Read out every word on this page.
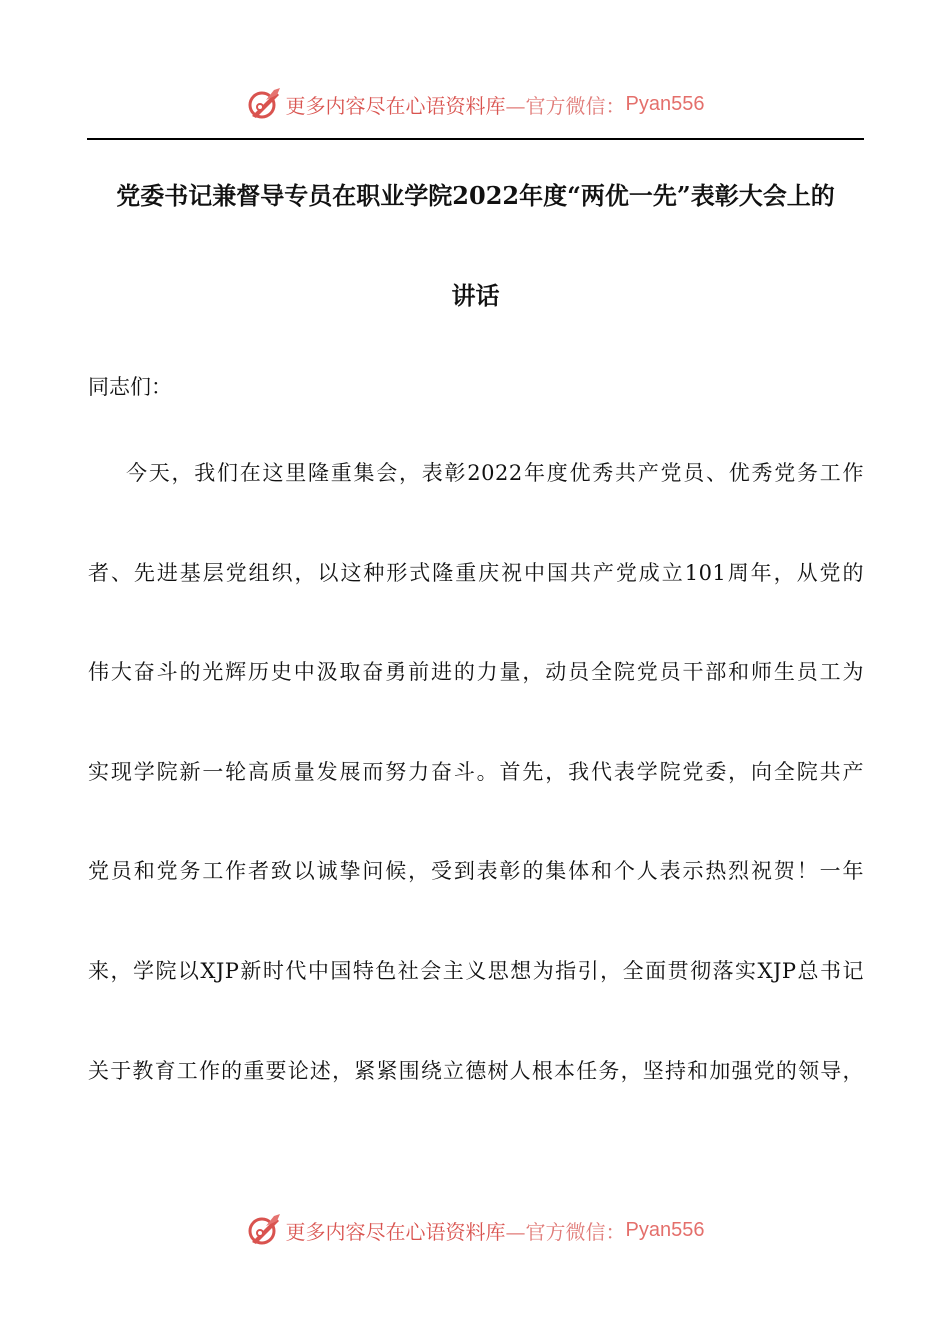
更多内容尽在心语资料库 —官方微信： Pyan556
党委书记兼督导专员在职业学院2022年度“两优一先”表彰大会上的
讲话

同志们：

今天，我们在这里隆重集会，表彰2022年度优秀共产党员、优秀党务工作

者、先进基层党组织，以这种形式隆重庆祝中国共产党成立101周年，从党的

伟大奋斗的光辉历史中汲取奋勇前进的力量，动员全院党员干部和师生员工为

实现学院新一轮高质量发展而努力奋斗。首先，我代表学院党委，向全院共产

党员和党务工作者致以诚挚问候，受到表彰的集体和个人表示热烈祝贺！一年

来，学院以XJP新时代中国特色社会主义思想为指引，全面贯彻落实XJP总书记

关于教育工作的重要论述，紧紧围绕立德树人根本任务，坚持和加强党的领导，

更多内容尽在心语资料库 —官方微信： Pyan556
